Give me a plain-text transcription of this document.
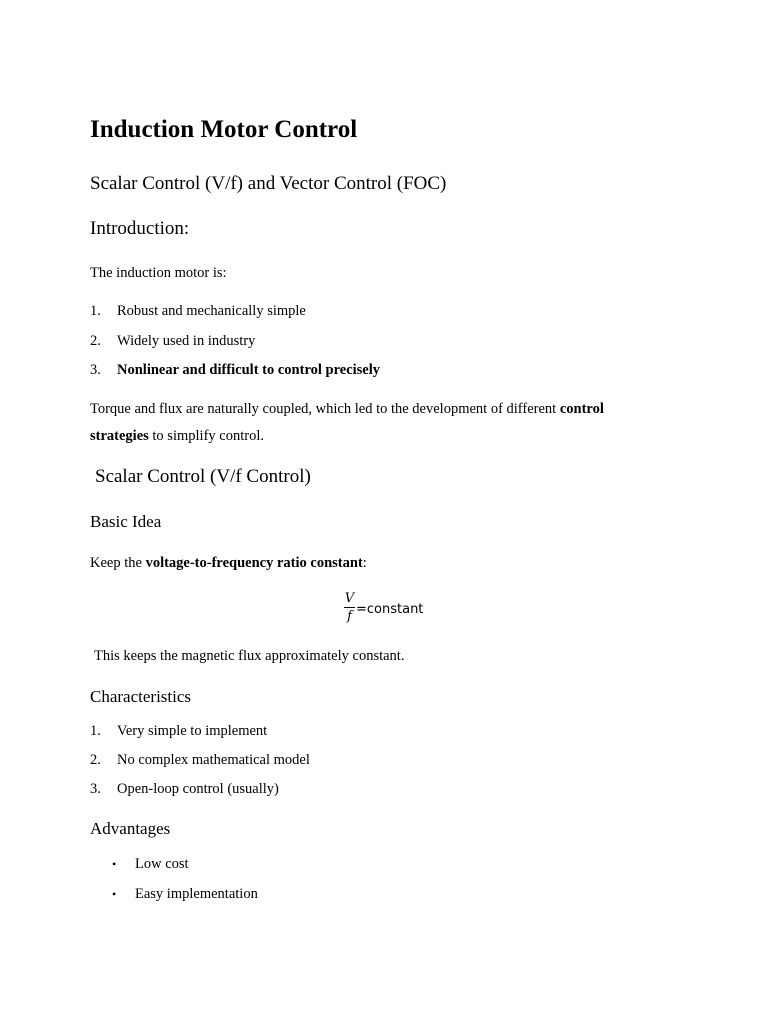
Induction Motor Control
Scalar Control (V/f) and Vector Control (FOC)
Introduction:

The induction motor is:

1. Robust and mechanically simple
2. Widely used in industry
3. Nonlinear and difficult to control precisely
Torque and flux are naturally coupled, which led to the development of different control
strategies to simplify control.
Scalar Control (V/f Control)
Basic Idea
Keep the voltage-to-frequency ratio constant:
V
f =constant

This keeps the magnetic flux approximately constant.

Characteristics
1. Very simple to implement
2. No complex mathematical model
3. Open-loop control (usually)
Advantages
• Low cost
• Easy implementation
